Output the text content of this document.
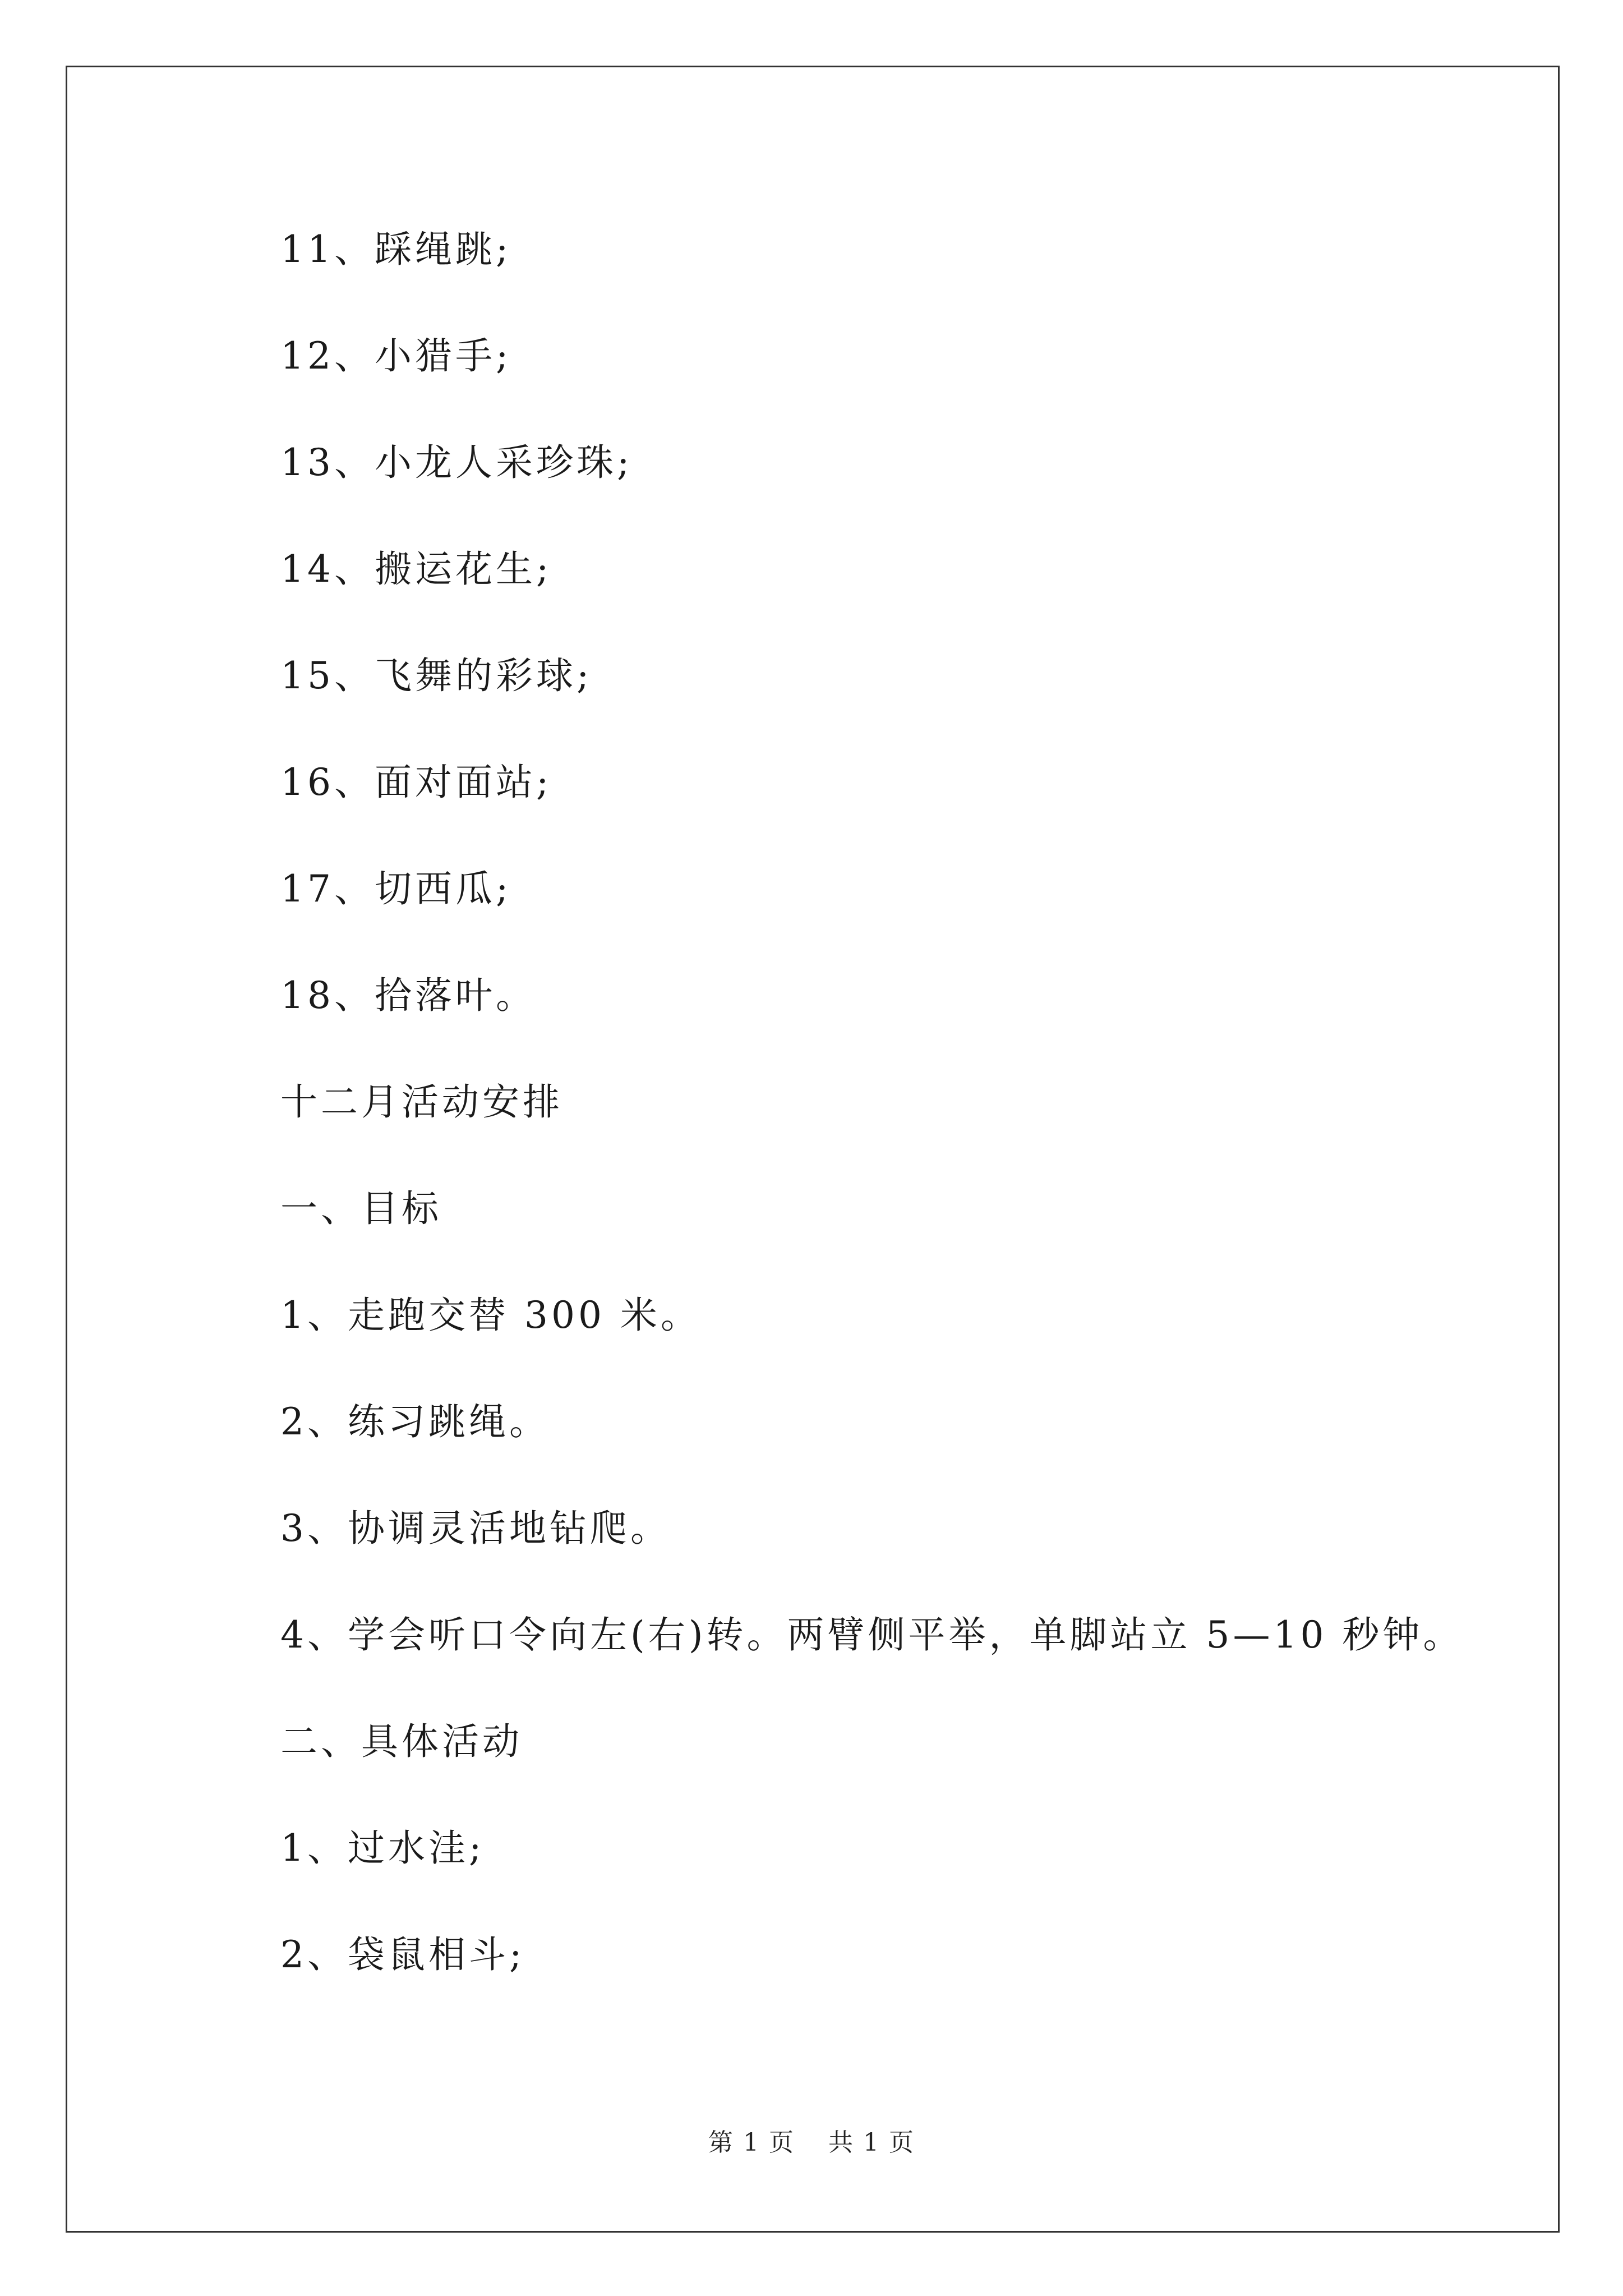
11、踩绳跳;
12、小猎手;
13、小龙人采珍珠;
14、搬运花生;
15、飞舞的彩球;
16、面对面站;
17、切西瓜;
18、拾落叶。
十二月活动安排
一、目标
1、走跑交替 300 米。
2、练习跳绳。
3、协调灵活地钻爬。
4、学会听口令向左(右)转。两臂侧平举，单脚站立 5—10 秒钟。
二、具体活动
1、过水洼;
2、袋鼠相斗;
第 1 页 共 1 页
